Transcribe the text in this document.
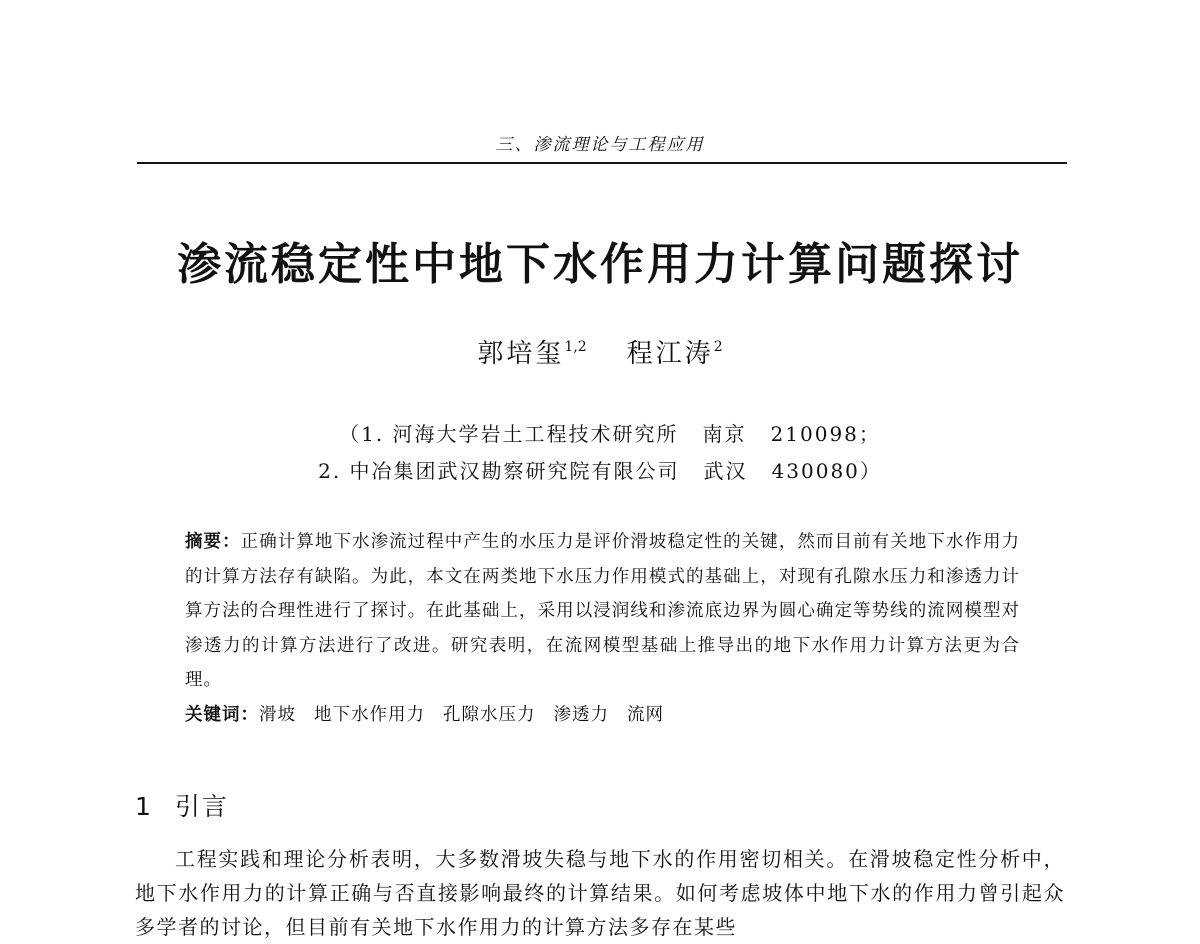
三、渗流理论与工程应用
渗流稳定性中地下水作用力计算问题探讨
郭培玺$^{1,2}$ 程江涛$^2$
（1. 河海大学岩土工程技术研究所 南京 210098；
2. 中冶集团武汉勘察研究院有限公司 武汉 430080）

摘要：正确计算地下水渗流过程中产生的水压力是评价滑坡稳定性的关键，然而目前有关地下水作用力的计算方法存有缺陷。为此，本文在两类地下水压力作用模式的基础上，对现有孔隙水压力和渗透力计算方法的合理性进行了探讨。在此基础上，采用以浸润线和渗流底边界为圆心确定等势线的流网模型对渗透力的计算方法进行了改进。研究表明，在流网模型基础上推导出的地下水作用力计算方法更为合理。

关键词：滑坡 地下水作用力 孔隙水压力 渗透力 流网

1 引言

工程实践和理论分析表明，大多数滑坡失稳与地下水的作用密切相关。在滑坡稳定性分析中，地下水作用力的计算正确与否直接影响最终的计算结果。如何考虑坡体中地下水的作用力曾引起众多学者的讨论，但目前有关地下水作用力的计算方法多存在某些
